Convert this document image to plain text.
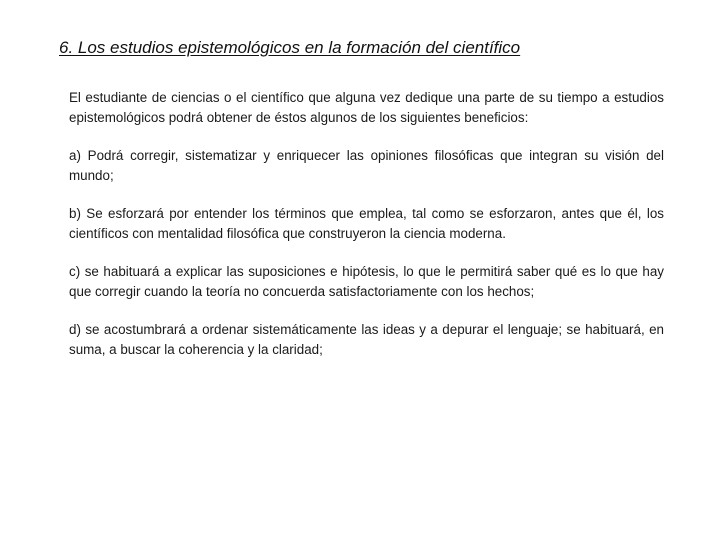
6. Los estudios epistemológicos en la formación del científico

El estudiante de ciencias o el científico que alguna vez dedique una parte de su tiempo a estudios epistemológicos podrá obtener de éstos algunos de los siguientes beneficios:

a) Podrá corregir, sistematizar y enriquecer las opiniones filosóficas que integran su visión del mundo;

b) Se esforzará por entender los términos que emplea, tal como se esforzaron, antes que él, los científicos con mentalidad filosófica que construyeron la ciencia moderna.

c) se habituará a explicar las suposiciones e hipótesis, lo que le permitirá saber qué es lo que hay que corregir cuando la teoría no concuerda satisfactoriamente con los hechos;

d) se acostumbrará a ordenar sistemáticamente las ideas y a depurar el lenguaje; se habituará, en suma, a buscar la coherencia y la claridad;
